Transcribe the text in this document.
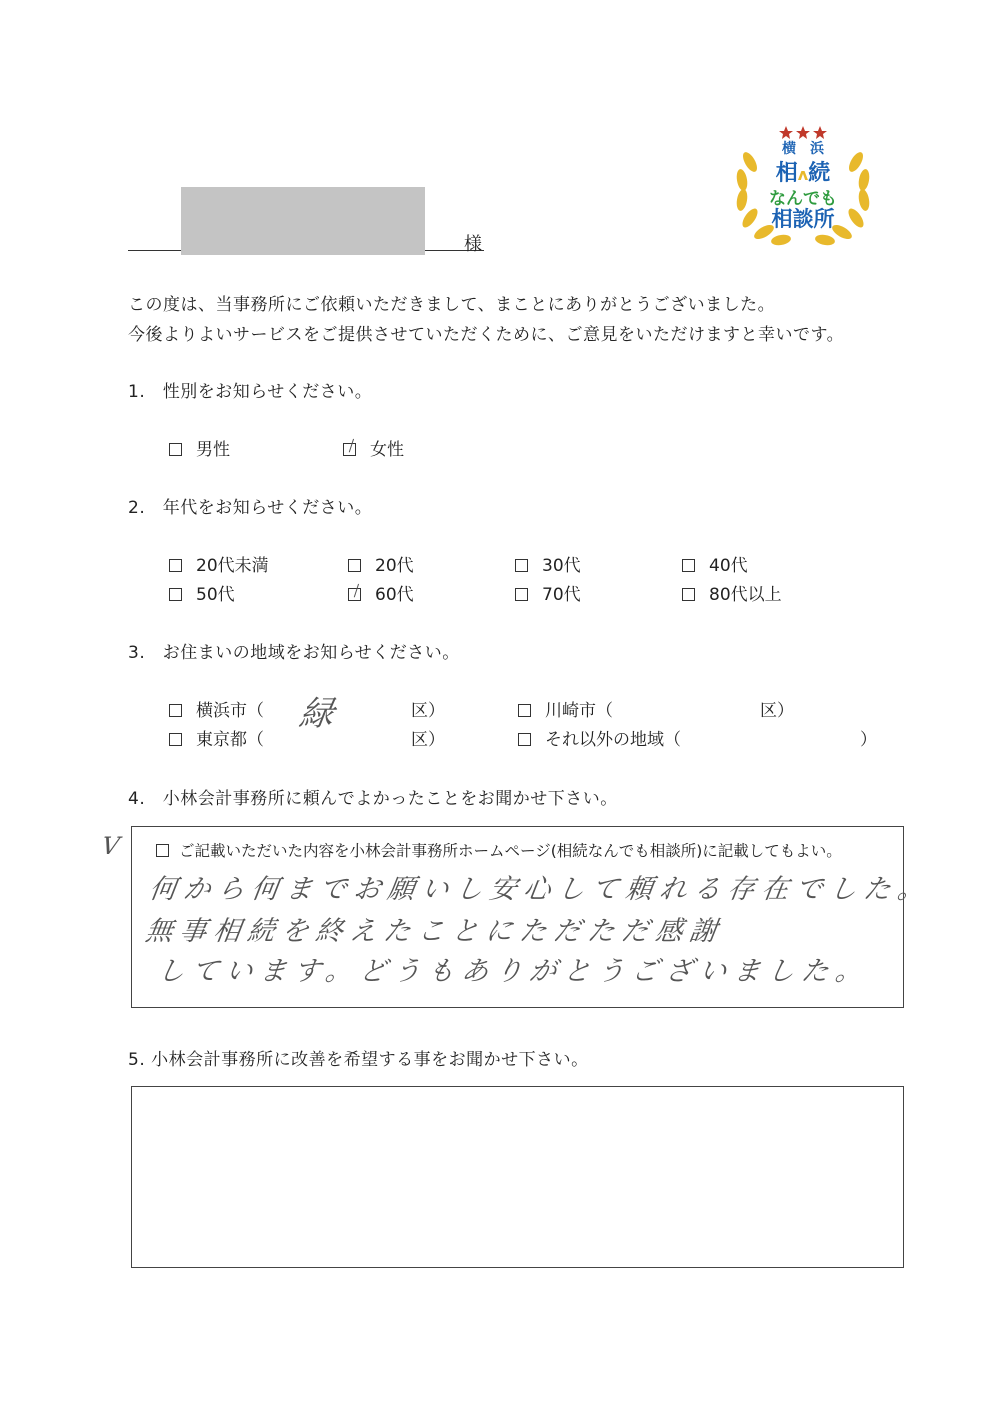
様
横　浜
相ʌ続
なんでも
相談所
この度は、当事務所にご依頼いただきまして、まことにありがとうございました。
今後よりよいサービスをご提供させていただくために、ご意見をいただけますと幸いです。
1.　性別をお知らせください。
男性	女性
2.　年代をお知らせください。
20代未満	20代	30代	40代
50代	60代	70代	80代以上
3.　お住まいの地域をお知らせください。
横浜市（ 緑	区）	川崎市（	区）
東京都（	区）	それ以外の地域（	）
4.　小林会計事務所に頼んでよかったことをお聞かせ下さい。
V	ご記載いただいた内容を小林会計事務所ホームページ(相続なんでも相談所)に記載してもよい。
何から何までお願いし安心して頼れる存在でした。
無事相続を終えたことにただただ感謝
しています。どうもありがとうございました。
5. 小林会計事務所に改善を希望する事をお聞かせ下さい。
